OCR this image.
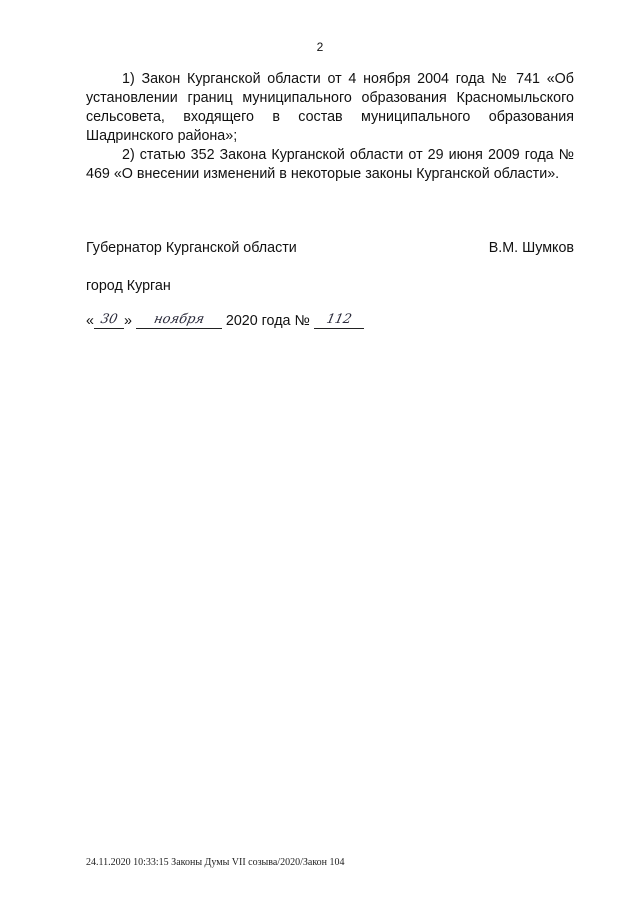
2

1) Закон Курганской области от 4 ноября 2004 года № 741 «Об установлении границ муниципального образования Красномыльского сельсовета, входящего в состав муниципального образования Шадринского района»;

2) статью 352 Закона Курганской области от 29 июня 2009 года № 469 «О внесении изменений в некоторые законы Курганской области».

Губернатор Курганской области	В.М. Шумков
город Курган
« 30 »	ноября	2020 года №	112
24.11.2020 10:33:15 Законы Думы VII созыва/2020/Закон 104
